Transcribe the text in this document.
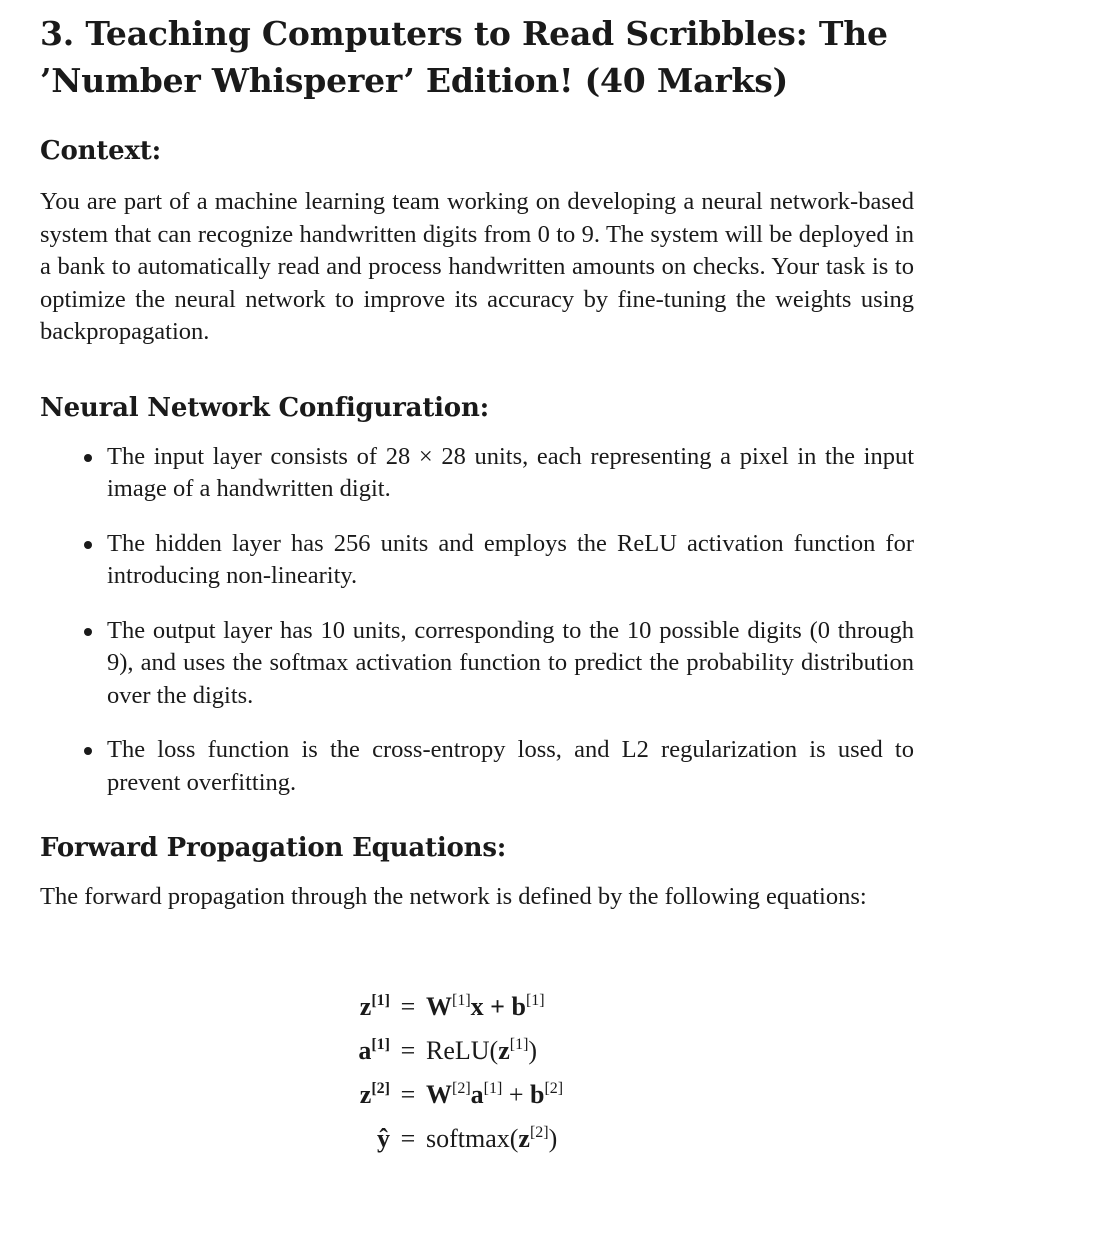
3. Teaching Computers to Read Scribbles: The ’Number Whisperer’ Edition! (40 Marks)
Context:

You are part of a machine learning team working on developing a neural network-based system that can recognize handwritten digits from 0 to 9. The system will be deployed in a bank to automatically read and process handwritten amounts on checks. Your task is to optimize the neural network to improve its accuracy by fine-tuning the weights using backpropagation.

Neural Network Configuration:
The input layer consists of 28 × 28 units, each representing a pixel in the input image of a handwritten digit.
The hidden layer has 256 units and employs the ReLU activation function for introducing non-linearity.
The output layer has 10 units, corresponding to the 10 possible digits (0 through 9), and uses the softmax activation function to predict the probability distribution over the digits.
The loss function is the cross-entropy loss, and L2 regularization is used to prevent overfitting.
Forward Propagation Equations:

The forward propagation through the network is defined by the following equations:

z[1] = W[1]x + b[1]
a[1] = ReLU(z[1])
z[2] = W[2]a[1] + b[2]
ŷ = softmax(z[2])
